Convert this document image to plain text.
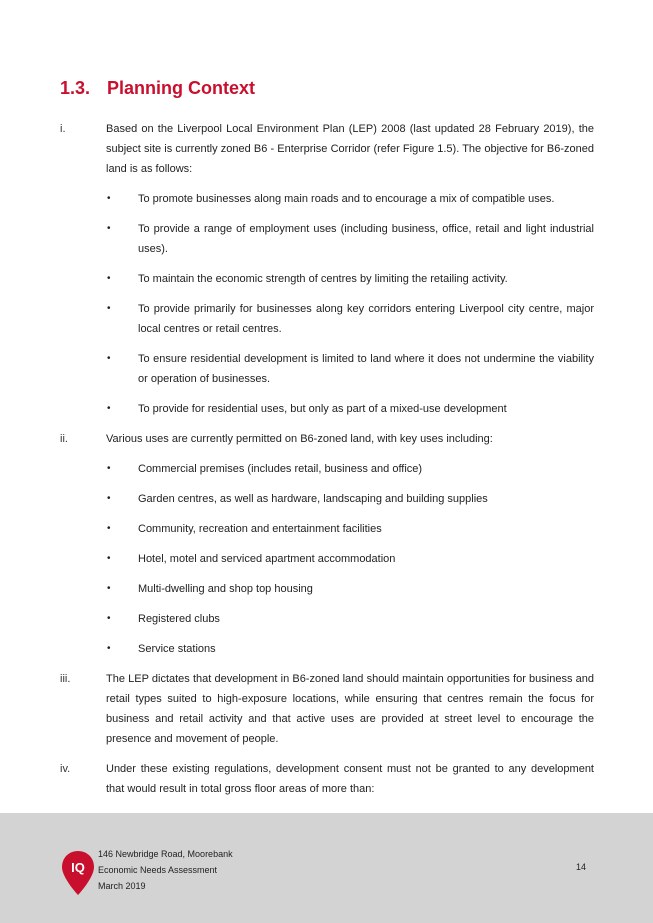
1.3. Planning Context
i.	Based on the Liverpool Local Environment Plan (LEP) 2008 (last updated 28 February 2019), the subject site is currently zoned B6 - Enterprise Corridor (refer Figure 1.5). The objective for B6-zoned land is as follows:

•	To promote businesses along main roads and to encourage a mix of compatible uses.
•	To provide a range of employment uses (including business, office, retail and light industrial uses).
•	To maintain the economic strength of centres by limiting the retailing activity.
•	To provide primarily for businesses along key corridors entering Liverpool city centre, major local centres or retail centres.
•	To ensure residential development is limited to land where it does not undermine the viability or operation of businesses.
•	To provide for residential uses, but only as part of a mixed-use development
ii.	Various uses are currently permitted on B6-zoned land, with key uses including:

•	Commercial premises (includes retail, business and office)
•	Garden centres, as well as hardware, landscaping and building supplies
•	Community, recreation and entertainment facilities
•	Hotel, motel and serviced apartment accommodation
•	Multi-dwelling and shop top housing
•	Registered clubs
•	Service stations
iii.	The LEP dictates that development in B6-zoned land should maintain opportunities for business and retail types suited to high-exposure locations, while ensuring that centres remain the focus for business and retail activity and that active uses are provided at street level to encourage the presence and movement of people.

iv.	Under these existing regulations, development consent must not be granted to any development that would result in total gross floor areas of more than:

IQ
146 Newbridge Road, Moorebank
Economic Needs Assessment
March 2019
14
